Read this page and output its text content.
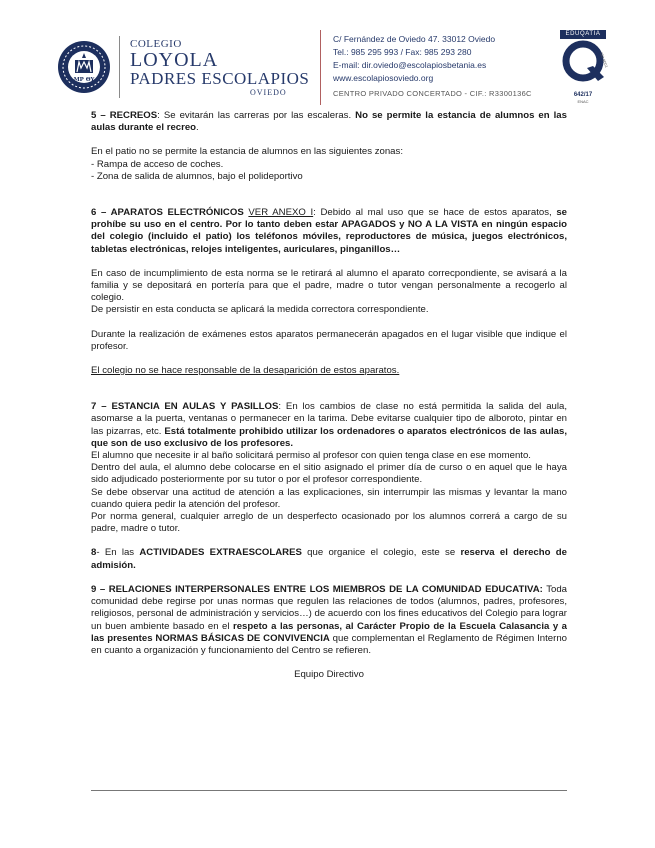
MP ΘY
COLEGIO
LOYOLA
PADRES ESCOLAPIOS
OVIEDO
C/ Fernández de Oviedo 47. 33012 Oviedo
Tel.: 985 295 993 / Fax: 985 293 280
E-mail: dir.oviedo@escolapiosbetania.es
www.escolapiosoviedo.org
CENTRO PRIVADO CONCERTADO - CIF.: R3300136C
EDUQATIA
ISO 9001
642/17
ENAC

5 – RECREOS: Se evitarán las carreras por las escaleras. No se permite la estancia de alumnos en las aulas durante el recreo.

En el patio no se permite la estancia de alumnos en las siguientes zonas:

- Rampa de acceso de coches.

- Zona de salida de alumnos, bajo el polideportivo

6 – APARATOS ELECTRÓNICOS VER ANEXO I: Debido al mal uso que se hace de estos aparatos, se prohíbe su uso en el centro. Por lo tanto deben estar APAGADOS y NO A LA VISTA en ningún espacio del colegio (incluido el patio) los teléfonos móviles, reproductores de música, juegos electrónicos, tabletas electrónicas, relojes inteligentes, auriculares, pinganillos…

En caso de incumplimiento de esta norma se le retirará al alumno el aparato correcpondiente, se avisará a la familia y se depositará en portería para que el padre, madre o tutor vengan personalmente a recogerlo al colegio.

De persistir en esta conducta se aplicará la medida correctora correspondiente.

Durante la realización de exámenes estos aparatos permanecerán apagados en el lugar visible que indique el profesor.

El colegio no se hace responsable de la desaparición de estos aparatos.

7 – ESTANCIA EN AULAS Y PASILLOS: En los cambios de clase no está permitida la salida del aula, asomarse a la puerta, ventanas o permanecer en la tarima. Debe evitarse cualquier tipo de alboroto, pintar en las pizarras, etc. Está totalmente prohibido utilizar los ordenadores o aparatos electrónicos de las aulas, que son de uso exclusivo de los profesores.

El alumno que necesite ir al baño solicitará permiso al profesor con quien tenga clase en ese momento.

Dentro del aula, el alumno debe colocarse en el sitio asignado el primer día de curso o en aquel que le haya sido adjudicado posteriormente por su tutor o por el profesor correspondiente.

Se debe observar una actitud de atención a las explicaciones, sin interrumpir las mismas y levantar la mano cuando quiera pedir la atención del profesor.

Por norma general, cualquier arreglo de un desperfecto ocasionado por los alumnos correrá a cargo de su padre, madre o tutor.

8- En las ACTIVIDADES EXTRAESCOLARES que organice el colegio, este se reserva el derecho de admisión.

9 – RELACIONES INTERPERSONALES ENTRE LOS MIEMBROS DE LA COMUNIDAD EDUCATIVA: Toda comunidad debe regirse por unas normas que regulen las relaciones de todos (alumnos, padres, profesores, religiosos, personal de administración y servicios…) de acuerdo con los fines educativos del Colegio para lograr un buen ambiente basado en el respeto a las personas, al Carácter Propio de la Escuela Calasancia y a las presentes NORMAS BÁSICAS DE CONVIVENCIA que complementan el Reglamento de Régimen Interno en cuanto a organización y funcionamiento del Centro se refieren.

Equipo Directivo
